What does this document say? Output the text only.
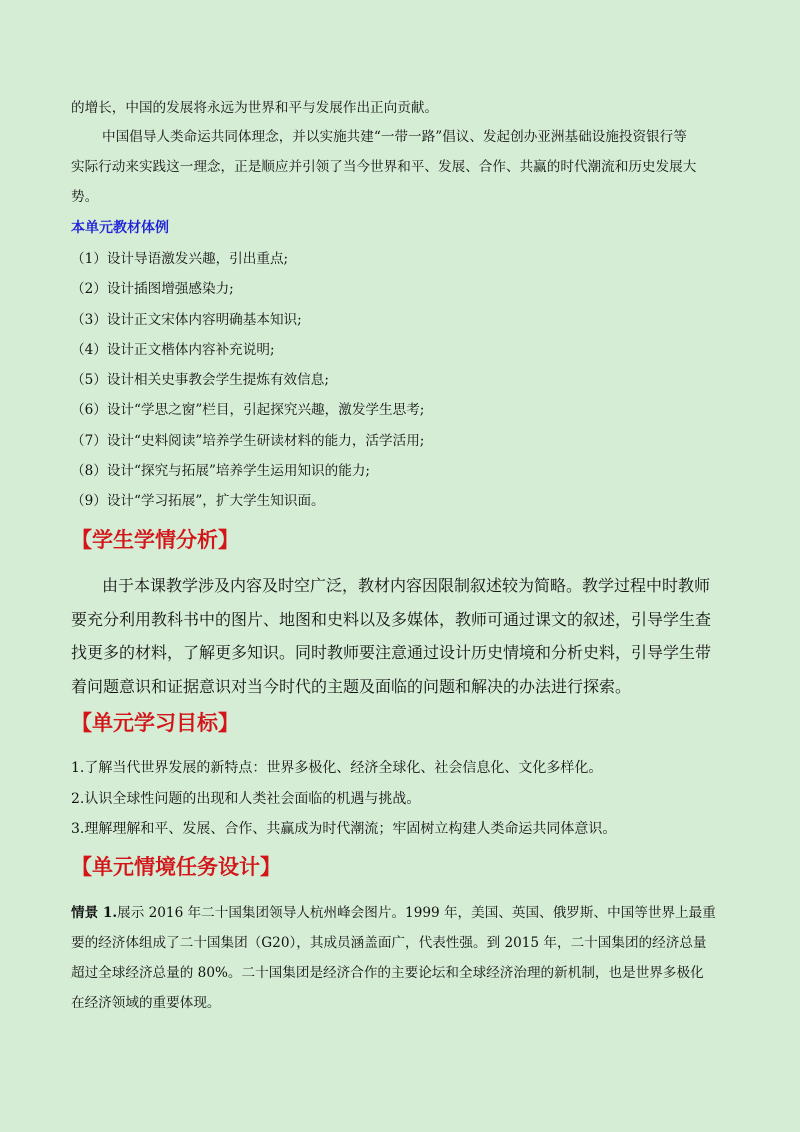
的增长，中国的发展将永远为世界和平与发展作出正向贡献。
中国倡导人类命运共同体理念，并以实施共建“一带一路”倡议、发起创办亚洲基础设施投资银行等
实际行动来实践这一理念，正是顺应并引领了当今世界和平、发展、合作、共赢的时代潮流和历史发展大
势。
本单元教材体例
（1）设计导语激发兴趣，引出重点;
（2）设计插图增强感染力;
（3）设计正文宋体内容明确基本知识;
（4）设计正文楷体内容补充说明;
（5）设计相关史事教会学生提炼有效信息;
（6）设计“学思之窗”栏目，引起探究兴趣，激发学生思考;
（7）设计“史料阅读”培养学生研读材料的能力，活学活用;
（8）设计“探究与拓展”培养学生运用知识的能力;
（9）设计“学习拓展”，扩大学生知识面。
【学生学情分析】
由于本课教学涉及内容及时空广泛，教材内容因限制叙述较为简略。教学过程中时教师
要充分利用教科书中的图片、地图和史料以及多媒体，教师可通过课文的叙述，引导学生查
找更多的材料，了解更多知识。同时教师要注意通过设计历史情境和分析史料，引导学生带
着问题意识和证据意识对当今时代的主题及面临的问题和解决的办法进行探索。
【单元学习目标】
1.了解当代世界发展的新特点：世界多极化、经济全球化、社会信息化、文化多样化。
2.认识全球性问题的出现和人类社会面临的机遇与挑战。
3.理解理解和平、发展、合作、共赢成为时代潮流；牢固树立构建人类命运共同体意识。
【单元情境任务设计】
情景 1.展示 2016 年二十国集团领导人杭州峰会图片。1999 年，美国、英国、俄罗斯、中国等世界上最重
要的经济体组成了二十国集团（G20），其成员涵盖面广，代表性强。到 2015 年，二十国集团的经济总量
超过全球经济总量的 80%。二十国集团是经济合作的主要论坛和全球经济治理的新机制，也是世界多极化
在经济领域的重要体现。
